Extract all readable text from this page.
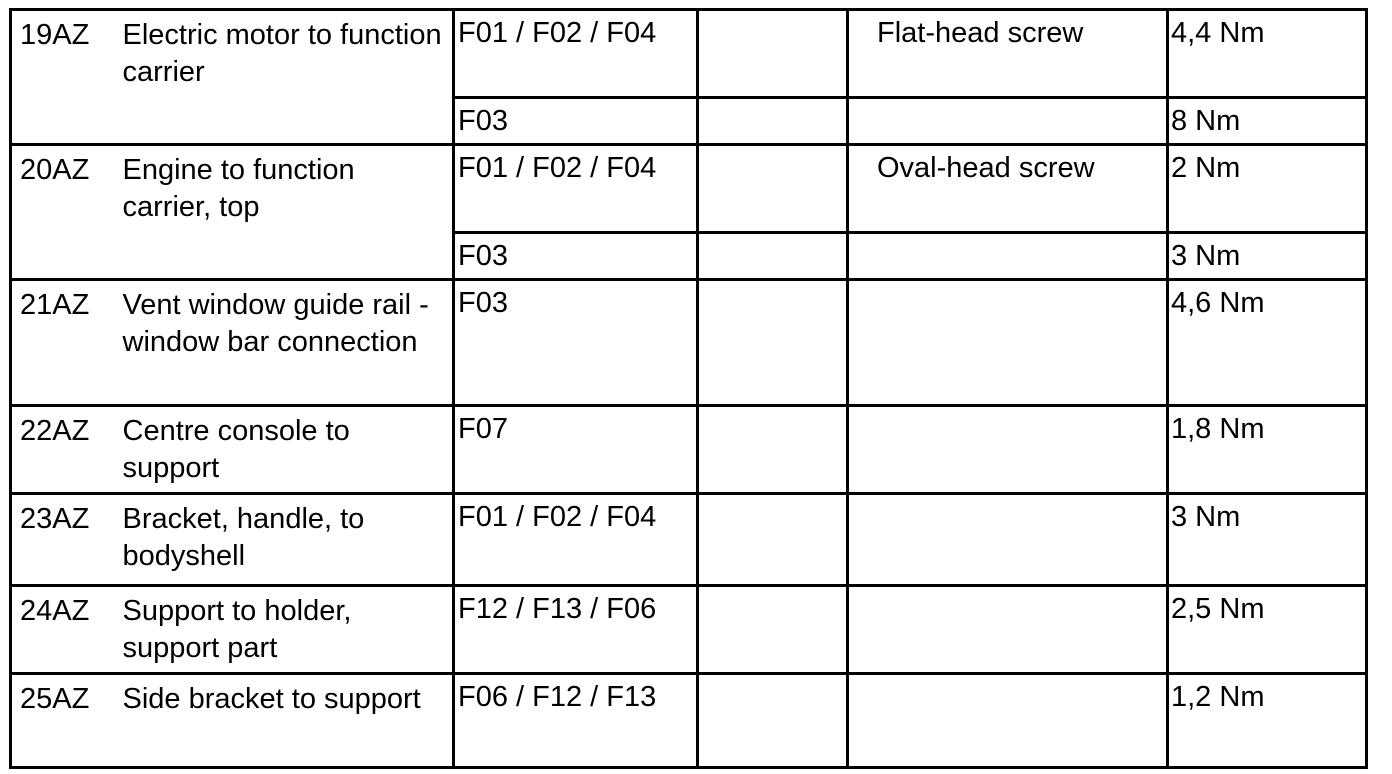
19AZ	Electric motor to function carrier	F01 / F02 / F04		Flat-head screw	4,4 Nm
		F03			8 Nm
20AZ	Engine to function carrier, top	F01 / F02 / F04		Oval-head screw	2 Nm
		F03			3 Nm
21AZ	Vent window guide rail - window bar connection	F03			4,6 Nm
22AZ	Centre console to support	F07			1,8 Nm
23AZ	Bracket, handle, to bodyshell	F01 / F02 / F04			3 Nm
24AZ	Support to holder, support part	F12 / F13 / F06			2,5 Nm
25AZ	Side bracket to support	F06 / F12 / F13			1,2 Nm
